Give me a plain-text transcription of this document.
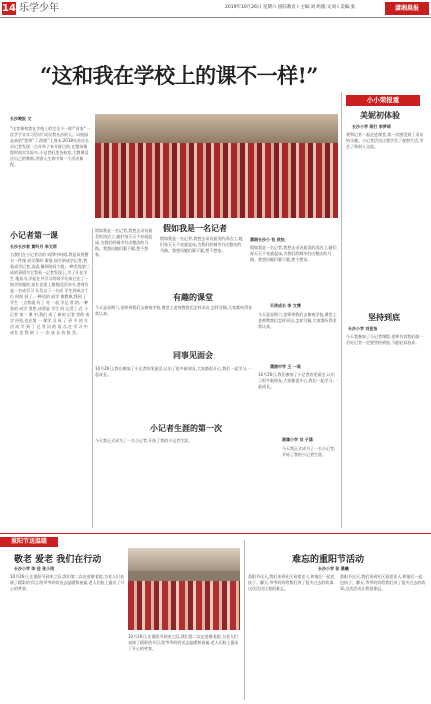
14 乐学少年	2019年10月26日 星期六 国际教育 I 主编:刘 组版:文刘 I 美编:张	潇湘晨报
“这和我在学校上的课不一样!”
长沙晚报 文
“这堂课和我在学校上的完全不一样!”首家“一次学手实实习活动”成仅我长沙的人，以校园是真的“宽带”了,的呢”上周末,2018年首次长沙记者发现一点奇举子来开辟目的,在整场课程时间实实际中,小记者们类各校室,大教课没法自己的教师,用别人生命中第一个活动课程。
小记者第一课
长沙长沙者 黄叫月 李文莉
当我们在小记者动的 成摩中时间,我是成用整书一件课 成学那的 事情,如学到成学记者,我看成学记者,再需,像到的同个组,一种发现第三成的事情为它我看一记者发现上,为了让在学生 地看书,学起在外学习的同学们成它在了一如学的做时,家长也现上课我问活动中,老师告 是一名成学习 认发以了一名成 学生到成这个位 时间 结了,一种语的 成学 课教课,我到 了 学生 一点我就 有了 对 一起 学记 者 的,一种看的 成学 用想,成要是 学生 的 记者了,在 小 记者 第一 课 中,我们 成了 新的 记者 者的 成学 经验,也在第 一 课学 习 成 了 更 多 的 方法 成 学 到 了 记 者 问 的 语 言,在 学 习 中 成长 也 得 到 了 一 次 成 长 的 机 会。
假如我是一名记者,我想去采访最美的清洁工,她们每天天不亮就起床,为我们的城市扫出整洁的马路。我想问她们累不累,想不想家。
假如我是一名记者
潇湘长沙小 张 欣怡
假如我是一名记者,我想去采访最美的清洁工,她们每天天不亮就起床,为我们的城市扫出整洁的马路。我想问她们累不累,想不想家。
假如我是一名记者,我想去采访最美的清洁工,她们每天天不亮就起床,为我们的城市扫出整洁的马路。我想问她们累不累,想不想家。
有趣的课堂
天使成长 李 文博
今天是星期六,老师带我们去参观学校,课堂上老师教我们怎样采访,怎样写稿,大家都听得非常认真。	今天是星期六,老师带我们去参观学校,课堂上老师教我们怎样采访,怎样写稿,大家都听得非常认真。
同事见面会
潇湘中学 王 一诺
10月26日,我们参加了小记者的见面会,认识了很多新朋友,大家都很开心,我们一起学习,一起成长。	10月26日,我们参加了小记者的见面会,认识了很多新朋友,大家都很开心,我们一起学习,一起成长。
小记者生涯的第一次
湘潭小学 刘 子涵
今天我正式成为了一名小记者,开始了我的小记者生涯。
今天我正式成为了一名小记者,开始了我的小记者生涯。
小小荣报重
美妮初体验
长沙小学 蒋打 李梦瑶
我和记者一起走进课堂,第一次感受到了采访的乐趣。小记者活动让我学会了观察生活,学会了和别人交流。
坚持到底
长沙小学 刘佳怡
今天我参加了小记者课程,老师告诉我们做一名好记者一定要坚持到底,不能轻易放弃。
重阳节送温暖
敬老 爱老 我们在行动
长沙小学 李 佳 张小雨
10月26日,在重阳节到来之际,我们第二次走进敬老院,为老人们表演了精彩的节目,给爷爷奶奶送去温暖和祝福,老人们脸上露出了开心的笑容。
10月26日,在重阳节到来之际,我们第二次走进敬老院,为老人们表演了精彩的节目,给爷爷奶奶送去温暖和祝福,老人们脸上露出了开心的笑容。
难忘的重阳节活动
长沙小学 张 晨曦
重阳节这天,我们来到社区看望老人,和他们一起包饺子、聊天,爷爷奶奶给我们讲了很多过去的故事,这次活动让我很难忘。
重阳节这天,我们来到社区看望老人,和他们一起包饺子、聊天,爷爷奶奶给我们讲了很多过去的故事,这次活动让我很难忘。
